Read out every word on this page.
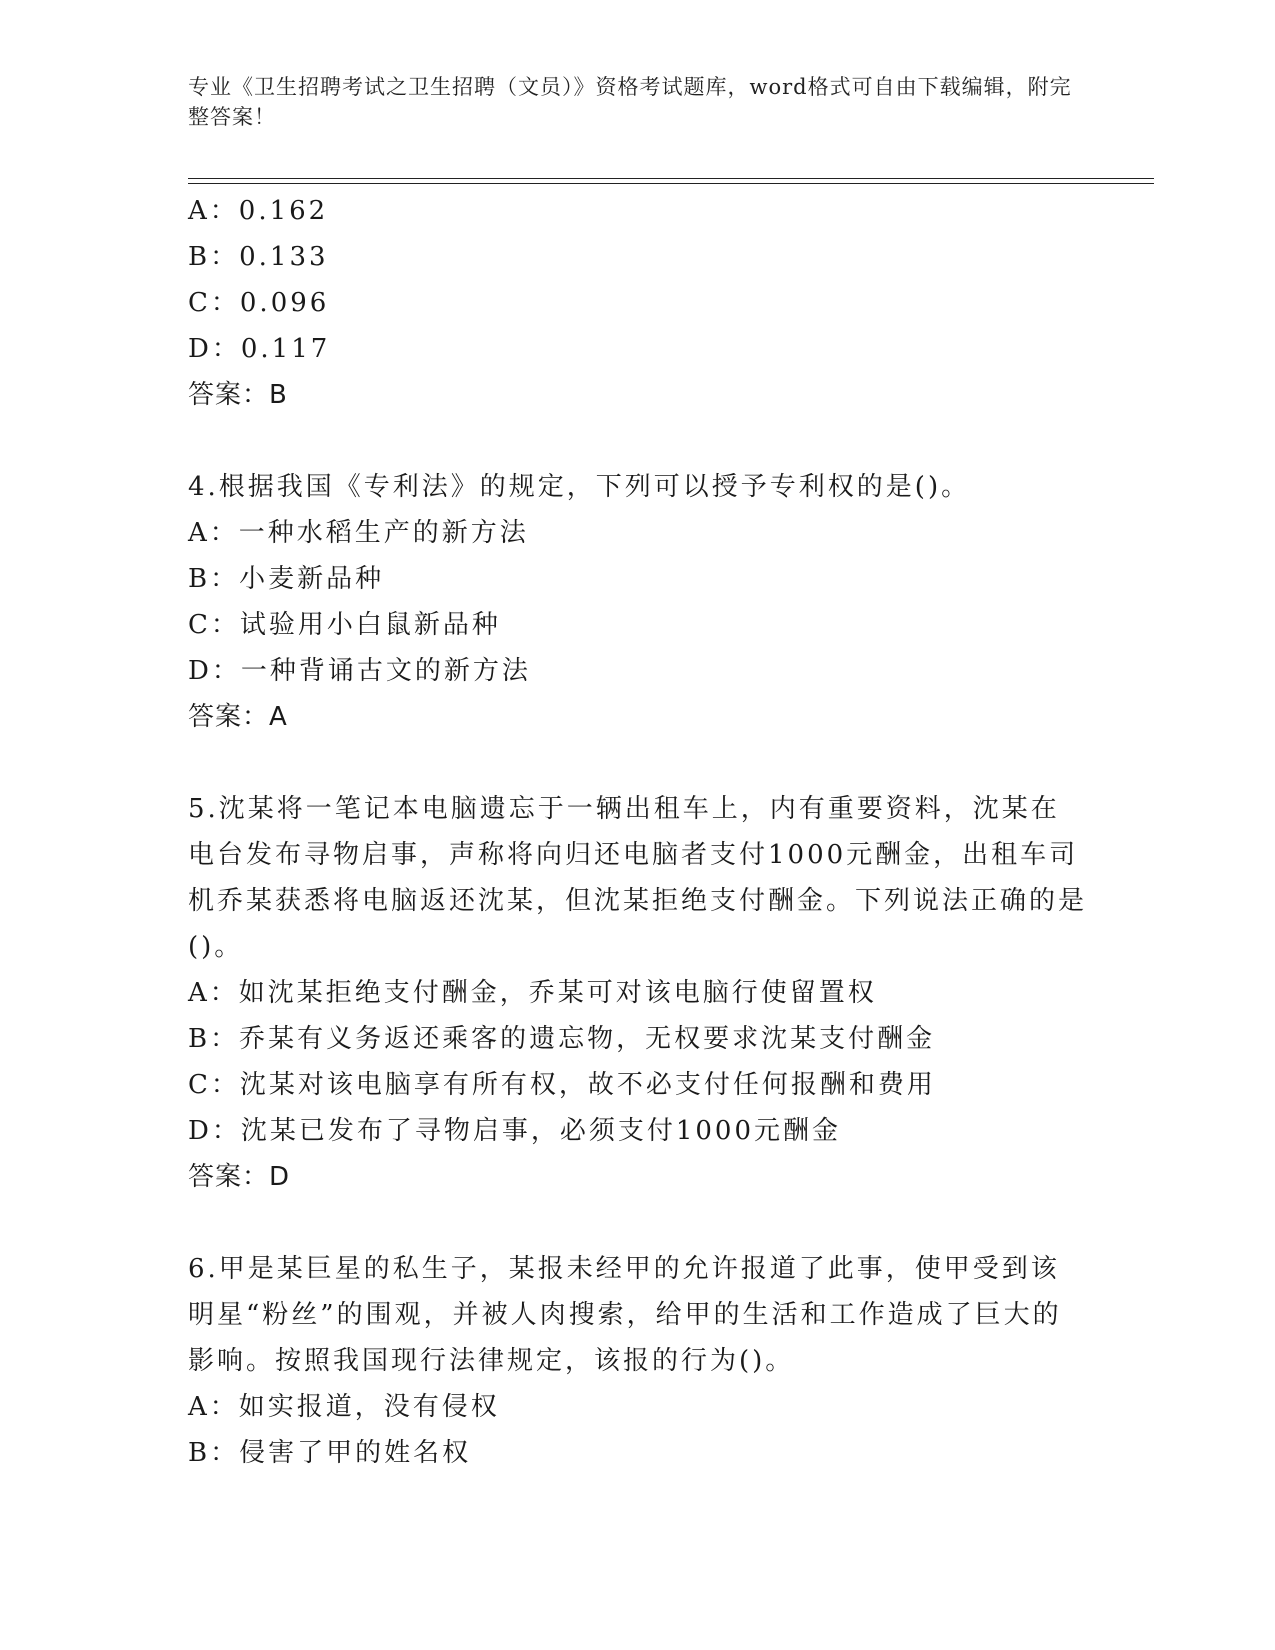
专业《卫生招聘考试之卫生招聘（文员）》资格考试题库，word格式可自由下载编辑，附完整答案！
A：0.162
B：0.133
C：0.096
D：0.117
答案：B
4.根据我国《专利法》的规定，下列可以授予专利权的是()。
A：一种水稻生产的新方法
B：小麦新品种
C：试验用小白鼠新品种
D：一种背诵古文的新方法
答案：A
5.沈某将一笔记本电脑遗忘于一辆出租车上，内有重要资料，沈某在电台发布寻物启事，声称将向归还电脑者支付1000元酬金，出租车司机乔某获悉将电脑返还沈某，但沈某拒绝支付酬金。下列说法正确的是()。
A：如沈某拒绝支付酬金，乔某可对该电脑行使留置权
B：乔某有义务返还乘客的遗忘物，无权要求沈某支付酬金
C：沈某对该电脑享有所有权，故不必支付任何报酬和费用
D：沈某已发布了寻物启事，必须支付1000元酬金
答案：D
6.甲是某巨星的私生子，某报未经甲的允许报道了此事，使甲受到该明星“粉丝”的围观，并被人肉搜索，给甲的生活和工作造成了巨大的影响。按照我国现行法律规定，该报的行为()。
A：如实报道，没有侵权
B：侵害了甲的姓名权
